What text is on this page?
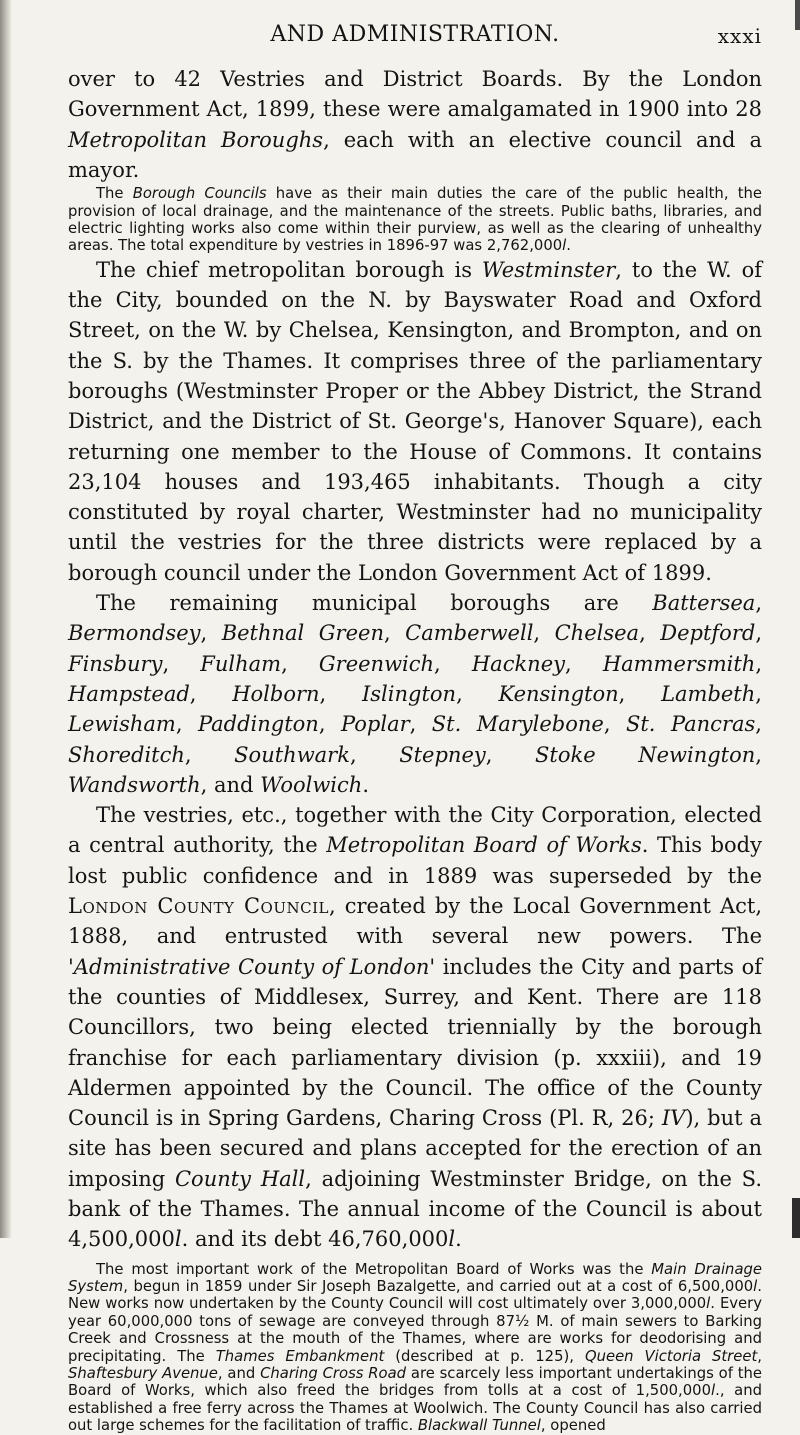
AND ADMINISTRATION.	xxxi

over to 42 Vestries and District Boards. By the London Government Act, 1899, these were amalgamated in 1900 into 28 Metropolitan Boroughs, each with an elective council and a mayor.

The Borough Councils have as their main duties the care of the public health, the provision of local drainage, and the maintenance of the streets. Public baths, libraries, and electric lighting works also come within their purview, as well as the clearing of unhealthy areas. The total expenditure by vestries in 1896-97 was 2,762,000l.

The chief metropolitan borough is Westminster, to the W. of the City, bounded on the N. by Bayswater Road and Oxford Street, on the W. by Chelsea, Kensington, and Brompton, and on the S. by the Thames. It comprises three of the parliamentary boroughs (Westminster Proper or the Abbey District, the Strand District, and the District of St. George's, Hanover Square), each returning one member to the House of Commons. It contains 23,104 houses and 193,465 inhabitants. Though a city constituted by royal charter, Westminster had no municipality until the vestries for the three districts were replaced by a borough council under the London Government Act of 1899.

The remaining municipal boroughs are Battersea, Bermondsey, Bethnal Green, Camberwell, Chelsea, Deptford, Finsbury, Fulham, Greenwich, Hackney, Hammersmith, Hampstead, Holborn, Islington, Kensington, Lambeth, Lewisham, Paddington, Poplar, St. Marylebone, St. Pancras, Shoreditch, Southwark, Stepney, Stoke Newington, Wandsworth, and Woolwich.

The vestries, etc., together with the City Corporation, elected a central authority, the Metropolitan Board of Works. This body lost public confidence and in 1889 was superseded by the London County Council, created by the Local Government Act, 1888, and entrusted with several new powers. The 'Administrative County of London' includes the City and parts of the counties of Middlesex, Surrey, and Kent. There are 118 Councillors, two being elected triennially by the borough franchise for each parliamentary division (p. xxxiii), and 19 Aldermen appointed by the Council. The office of the County Council is in Spring Gardens, Charing Cross (Pl. R, 26; IV), but a site has been secured and plans accepted for the erection of an imposing County Hall, adjoining Westminster Bridge, on the S. bank of the Thames. The annual income of the Council is about 4,500,000l. and its debt 46,760,000l.

The most important work of the Metropolitan Board of Works was the Main Drainage System, begun in 1859 under Sir Joseph Bazalgette, and carried out at a cost of 6,500,000l. New works now undertaken by the County Council will cost ultimately over 3,000,000l. Every year 60,000,000 tons of sewage are conveyed through 87½ M. of main sewers to Barking Creek and Crossness at the mouth of the Thames, where are works for deodorising and precipitating. The Thames Embankment (described at p. 125), Queen Victoria Street, Shaftesbury Avenue, and Charing Cross Road are scarcely less important undertakings of the Board of Works, which also freed the bridges from tolls at a cost of 1,500,000l., and established a free ferry across the Thames at Woolwich. The County Council has also carried out large schemes for the facilitation of traffic. Blackwall Tunnel, opened
